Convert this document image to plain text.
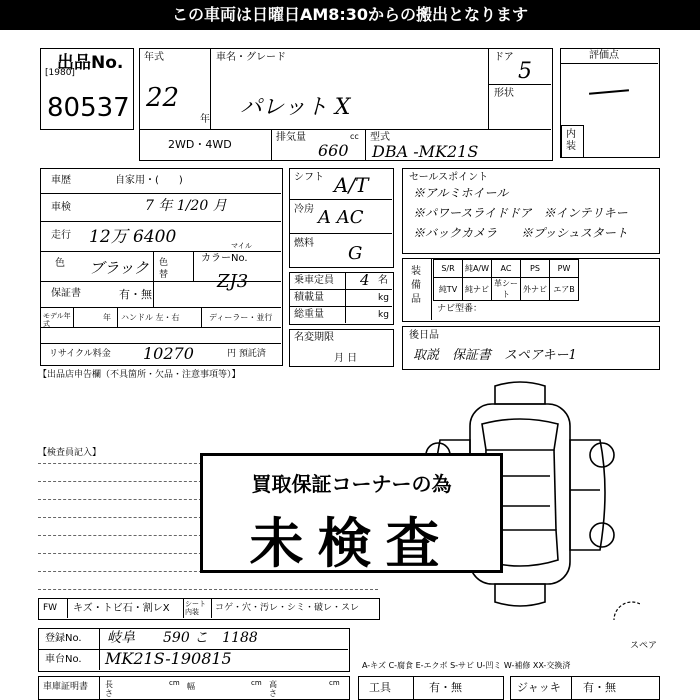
この車両は日曜日AM8:30からの搬出となります
出品No.
[1980]
80537
年式
22
年
車名・グレード
パレット X
ドア
5
形状
2WD・4WD
排気量	cc
660
型式
DBA -MK21S
評価点
内装
車歴	自家用・(　　)
車検	7 年 1/20 月
走行 12万 6400	マイル
色 ブラック 色替
カラーNo.
ZJ3
保証書	有・無
モデル年式
年 ハンドル 左・右	ディーラー・並行
リサイクル料金 10270	円 預託済
シフト A/T
冷房 A AC
燃料 G
乗車定員 4 名
積載量	kg
総重量	kg
名変期限
月 日
セールスポイント
※アルミホイール
※パワースライドドア　※インテリキー
※バックカメラ　　※プッシュスタート
装備品
S/R	純A/W	AC	PS	PW
純TV	純ナビ	革シート	外ナビ	エアB
ナビ型番：
後日品
取説　保証書　スペアキー1
【出品店申告欄（不具箇所・欠品・注意事項等）】
【検査員記入】
スペア
買取保証コーナーの為
未検査
FW キズ・トビ石・割レX シート内装	コゲ・穴・汚レ・シミ・破レ・スレ
登録No. 岐阜　　590 こ　1188
車台No. MK21S-190815	A-キズ C-腐食 E-エクボ S-サビ U-凹ミ W-補修 XX-交換済
車庫証明書 長さ
cm 幅	cm 高さ
cm	工具	有・無	ジャッキ 有・無
